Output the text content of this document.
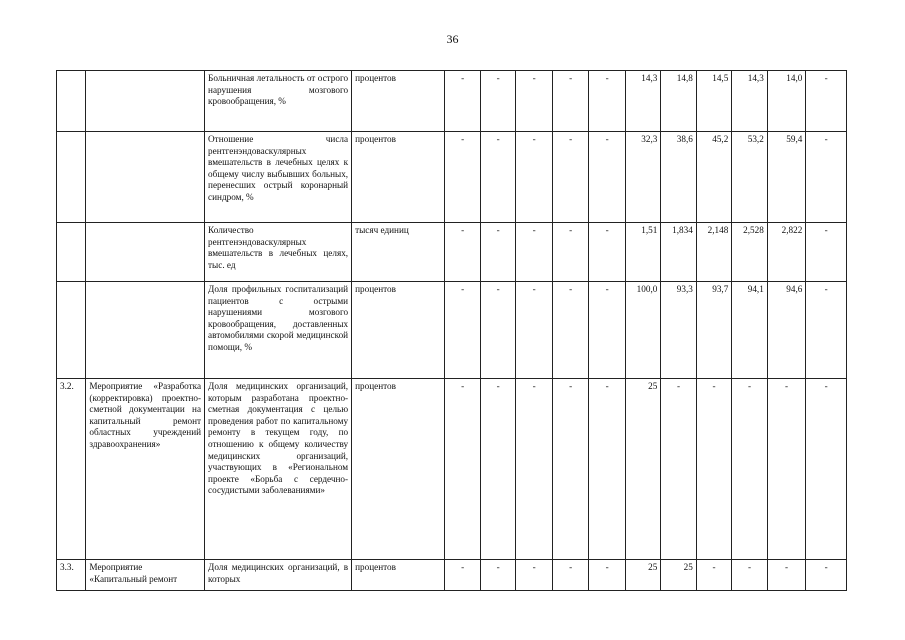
36
		Больничная летальность от острого нарушения мозгового кровообращения, %	процентов	-	-	-	-	-	14,3	14,8	14,5	14,3	14,0	-
		Отношение числа рентгенэндоваскулярных вмешательств в лечебных целях к общему числу выбывших больных, перенесших острый коронарный синдром, %	процентов	-	-	-	-	-	32,3	38,6	45,2	53,2	59,4	-
		Количество рентгенэндоваскулярных вмешательств в лечебных целях, тыс. ед	тысяч единиц	-	-	-	-	-	1,51	1,834	2,148	2,528	2,822	-
		Доля профильных госпитализаций пациентов с острыми нарушениями мозгового кровообращения, доставленных автомобилями скорой медицинской помощи, %	процентов	-	-	-	-	-	100,0	93,3	93,7	94,1	94,6	-
3.2.	Мероприятие «Разработка (корректировка) проектно-сметной документации на капитальный ремонт областных учреждений здравоохранения»	Доля медицинских организаций, которым разработана проектно-сметная документация с целью проведения работ по капитальному ремонту в текущем году, по отношению к общему количеству медицинских организаций, участвующих в «Региональном проекте «Борьба с сердечно-сосудистыми заболеваниями»	процентов	-	-	-	-	-	25	-	-	-	-	-
3.3.	Мероприятие «Капитальный ремонт	Доля медицинских организаций, в которых	процентов	-	-	-	-	-	25	25	-	-	-	-
